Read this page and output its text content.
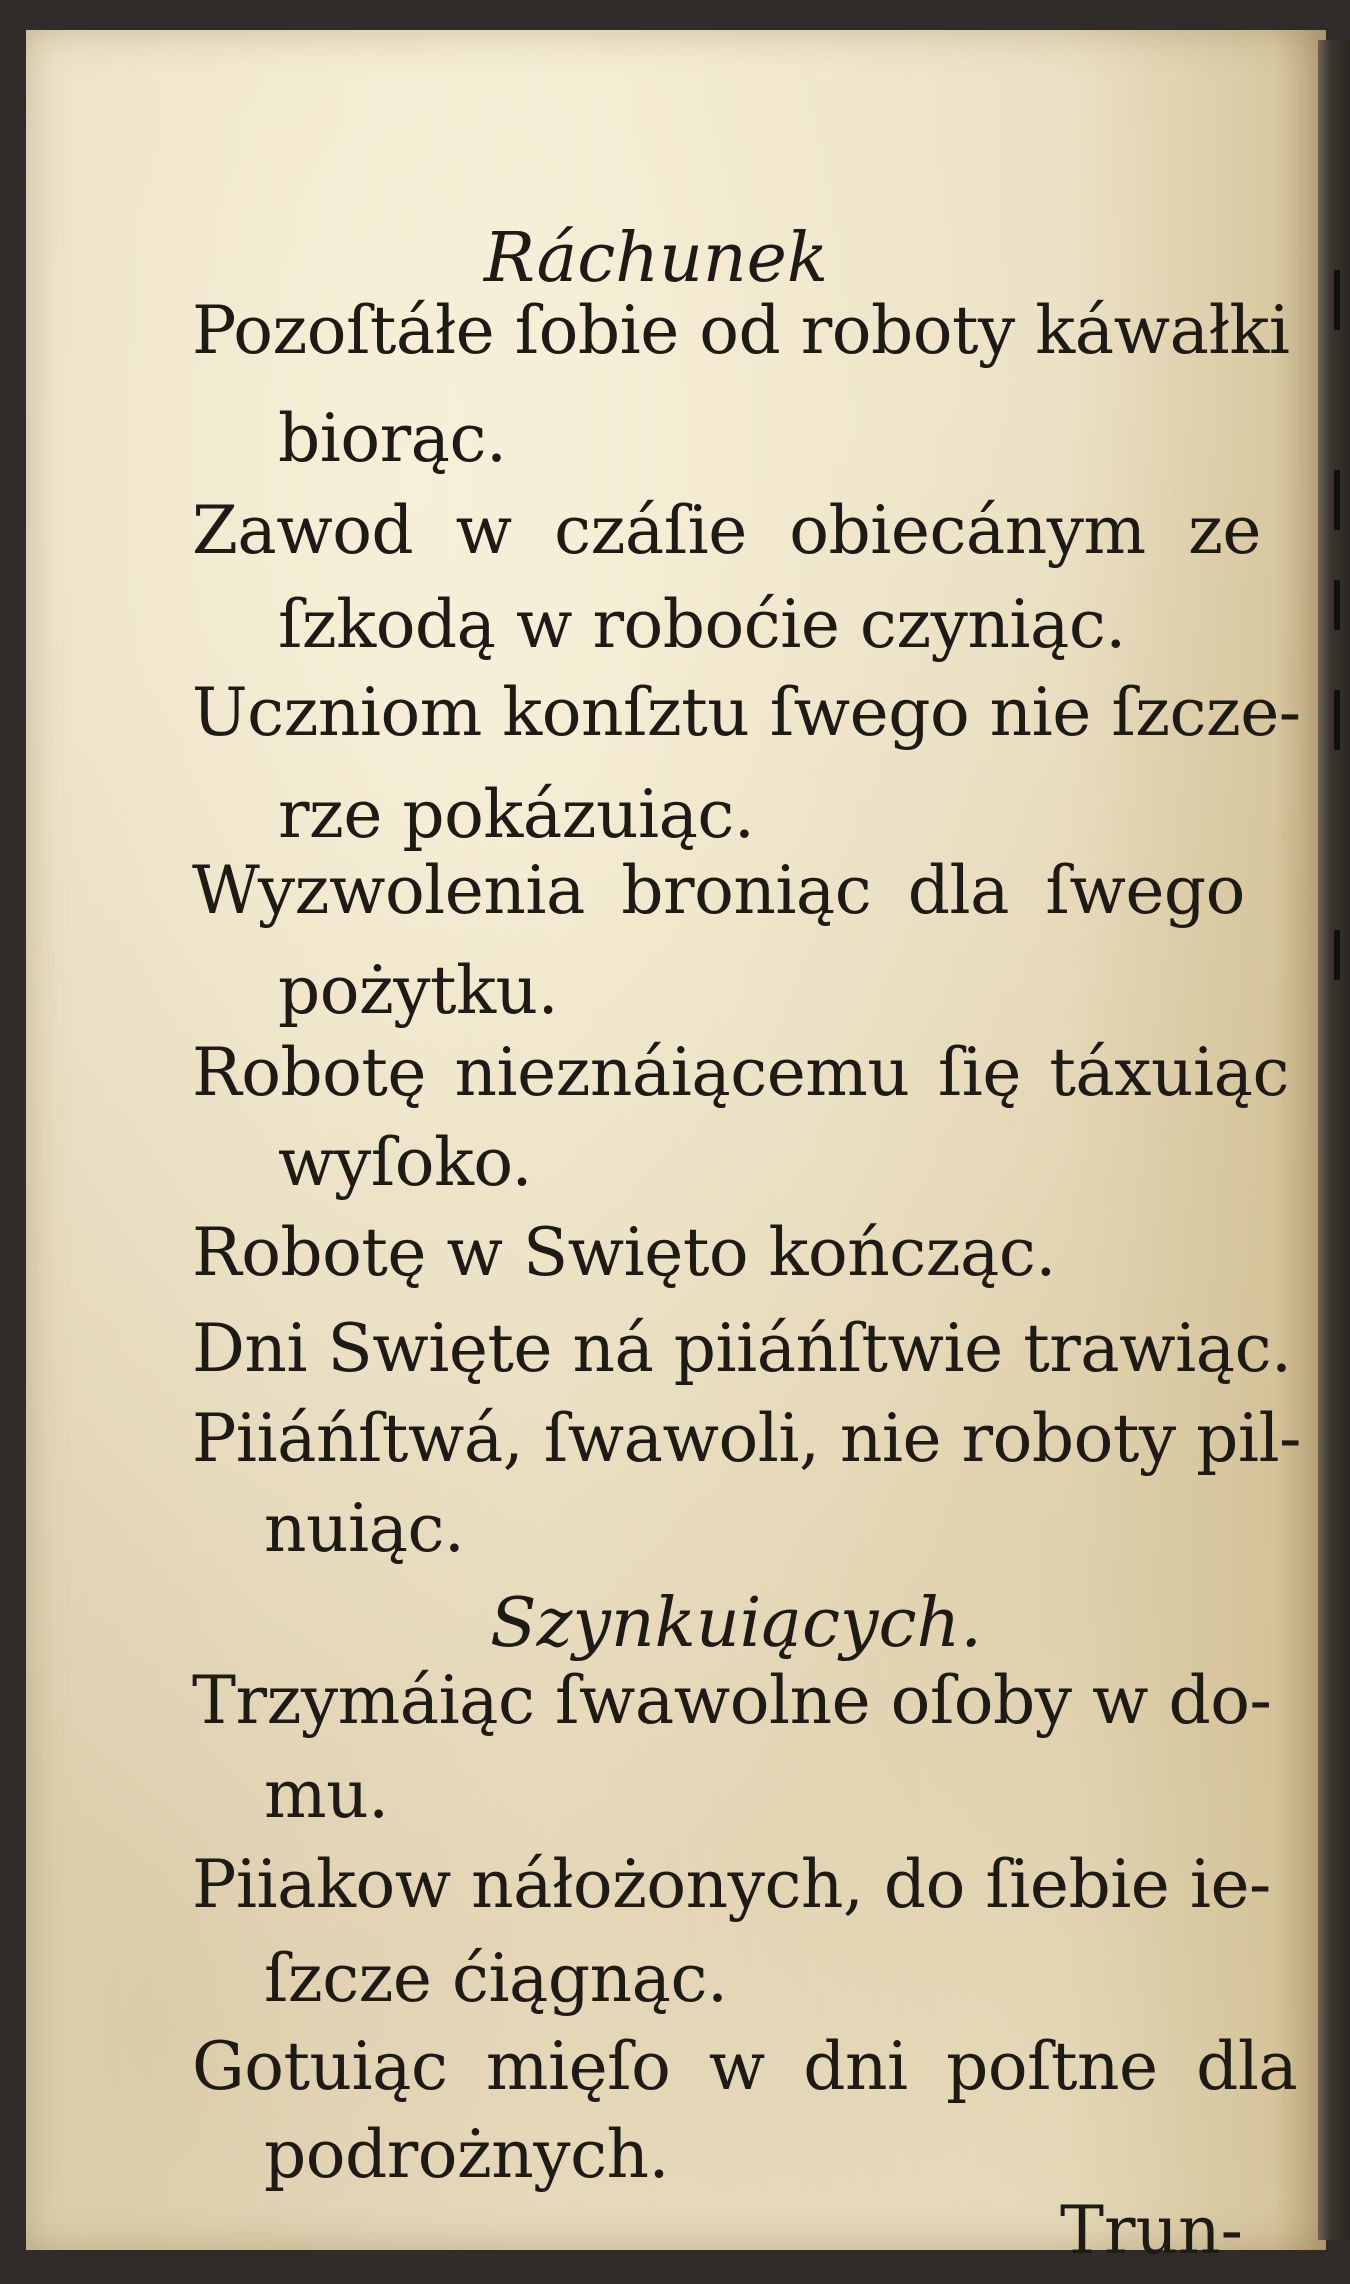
Ráchunek
Pozoſtáłe ſobie od roboty káwałki
biorąc.
Zawod w czáſie obiecánym ze
ſzkodą w roboćie czyniąc.
Uczniom konſztu ſwego nie ſzcze-
rze pokázuiąc.
Wyzwolenia broniąc dla ſwego
pożytku.
Robotę nieznáiącemu ſię táxuiąc
wyſoko.
Robotę w Swięto kończąc.
Dni Swięte ná piiáńſtwie trawiąc.
Piiáńſtwá, ſwawoli, nie roboty pil-
nuiąc.
Szynkuiących.
Trzymáiąc ſwawolne oſoby w do-
mu.
Piiakow náłożonych, do ſiebie ie-
ſzcze ćiągnąc.
Gotuiąc mięſo w dni poſtne dla
podrożnych.
Trun-
